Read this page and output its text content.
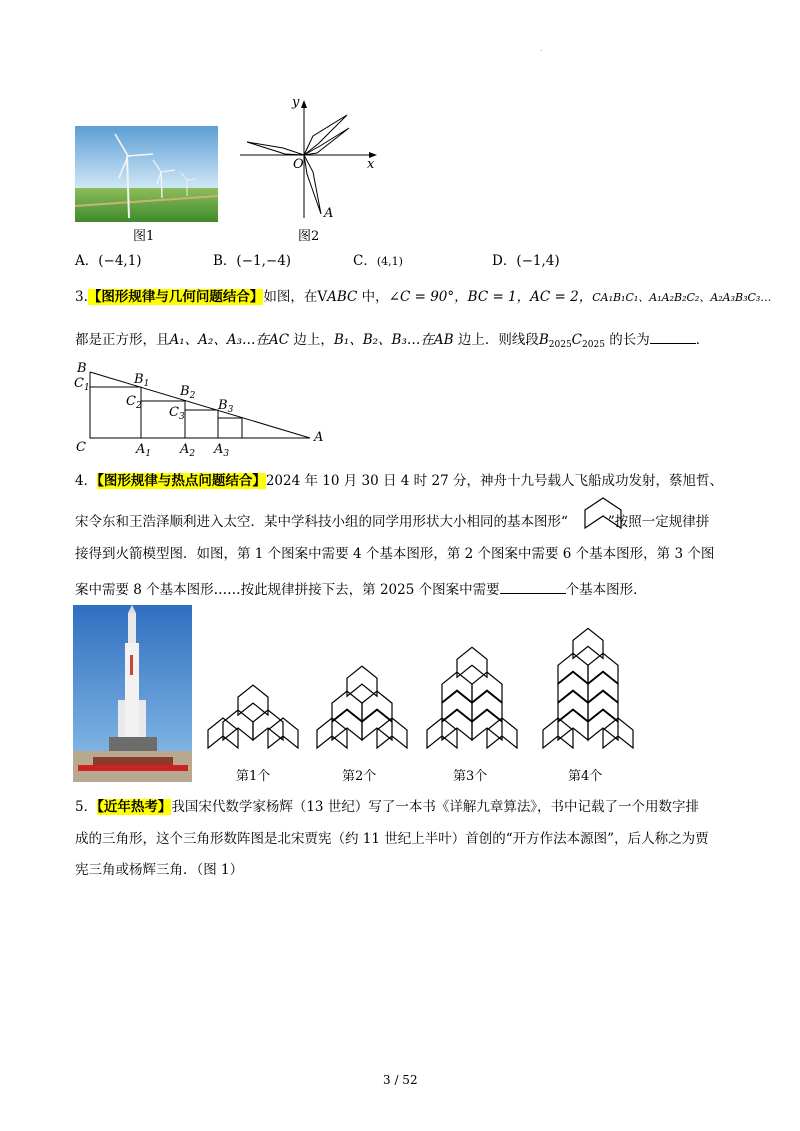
.
图1
y
x
O
A
图2
A．(−4,1)	B．(−1,−4)	C．(4,1)	D．(−1,4)
3.【图形规律与几何问题结合】如图，在VABC 中，∠C = 90°，BC = 1，AC = 2，CA₁B₁C₁、A₁A₂B₂C₂、A₂A₃B₃C₃…
都是正方形，且A₁、A₂、A₃…在AC 边上，B₁、B₂、B₃…在AB 边上．则线段$B_{2025}C_{2025}$ 的长为	．
B
$C_1$
$B_1$ $B_2$
$C_2$ $C_3$
$B_3$
C	$A_1$ $A_2$ $A_3$
A
4．【图形规律与热点问题结合】2024 年 10 月 30 日 4 时 27 分，神舟十九号载人飞船成功发射，蔡旭哲、
宋令东和王浩泽顺利进入太空．某中学科技小组的同学用形状大小相同的基本图形“	”按照一定规律拼
接得到火箭模型图．如图，第 1 个图案中需要 4 个基本图形，第 2 个图案中需要 6 个基本图形，第 3 个图
案中需要 8 个基本图形……按此规律拼接下去，第 2025 个图案中需要	个基本图形．
第1个	第2个	第3个	第4个
5．【近年热考】我国宋代数学家杨辉（13 世纪）写了一本书《详解九章算法》，书中记载了一个用数字排
成的三角形，这个三角形数阵图是北宋贾宪（约 11 世纪上半叶）首创的“开方作法本源图”，后人称之为贾
宪三角或杨辉三角．（图 1）
3 / 52
